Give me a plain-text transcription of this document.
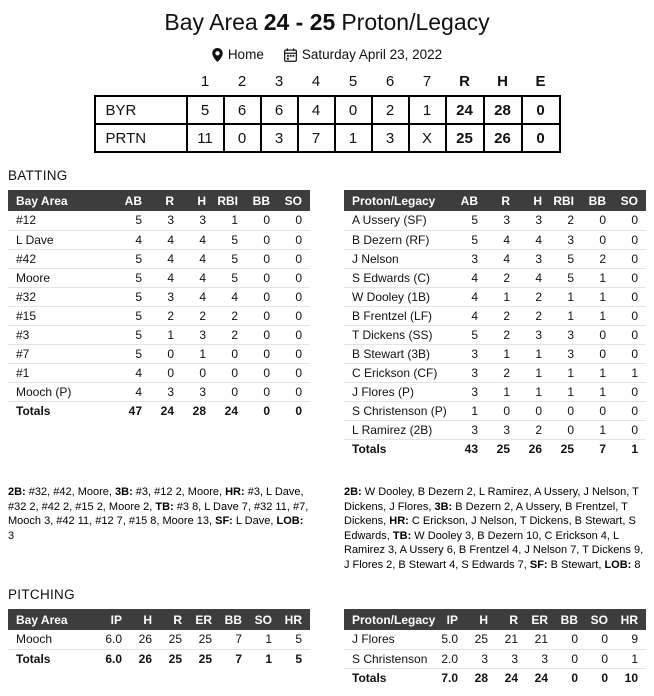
Bay Area 24 - 25 Proton/Legacy
Home	Saturday April 23, 2022
	1	2	3	4	5	6	7	R	H	E
BYR	5	6	6	4	0	2	1	24	28	0
PRTN	11	0	3	7	1	3	X	25	26	0
BATTING
Bay Area	AB	R	H	RBI	BB	SO
#12	5	3	3	1	0	0
L Dave	4	4	4	5	0	0
#42	5	4	4	5	0	0
Moore	5	4	4	5	0	0
#32	5	3	4	4	0	0
#15	5	2	2	2	0	0
#3	5	1	3	2	0	0
#7	5	0	1	0	0	0
#1	4	0	0	0	0	0
Mooch (P)	4	3	3	0	0	0
Totals	47	24	28	24	0	0
Proton/Legacy	AB	R	H	RBI	BB	SO
A Ussery (SF)	5	3	3	2	0	0
B Dezern (RF)	5	4	4	3	0	0
J Nelson	3	4	3	5	2	0
S Edwards (C)	4	2	4	5	1	0
W Dooley (1B)	4	1	2	1	1	0
B Frentzel (LF)	4	2	2	1	1	0
T Dickens (SS)	5	2	3	3	0	0
B Stewart (3B)	3	1	1	3	0	0
C Erickson (CF)	3	2	1	1	1	1
J Flores (P)	3	1	1	1	1	0
S Christenson (P)	1	0	0	0	0	0
L Ramirez (2B)	3	3	2	0	1	0
Totals	43	25	26	25	7	1
2B: #32, #42, Moore, 3B: #3, #12 2, Moore, HR: #3, L Dave, #32 2, #42 2, #15 2, Moore 2, TB: #3 8, L Dave 7, #32 11, #7, Mooch 3, #42 11, #12 7, #15 8, Moore 13, SF: L Dave, LOB: 3
2B: W Dooley, B Dezern 2, L Ramirez, A Ussery, J Nelson, T Dickens, J Flores, 3B: B Dezern 2, A Ussery, B Frentzel, T Dickens, HR: C Erickson, J Nelson, T Dickens, B Stewart, S Edwards, TB: W Dooley 3, B Dezern 10, C Erickson 4, L Ramirez 3, A Ussery 6, B Frentzel 4, J Nelson 7, T Dickens 9, J Flores 2, B Stewart 4, S Edwards 7, SF: B Stewart, LOB: 8
PITCHING
Bay Area	IP	H	R	ER	BB	SO	HR
Mooch	6.0	26	25	25	7	1	5
Totals	6.0	26	25	25	7	1	5
Proton/Legacy	IP	H	R	ER	BB	SO	HR
J Flores	5.0	25	21	21	0	0	9
S Christenson	2.0	3	3	3	0	0	1
Totals	7.0	28	24	24	0	0	10
